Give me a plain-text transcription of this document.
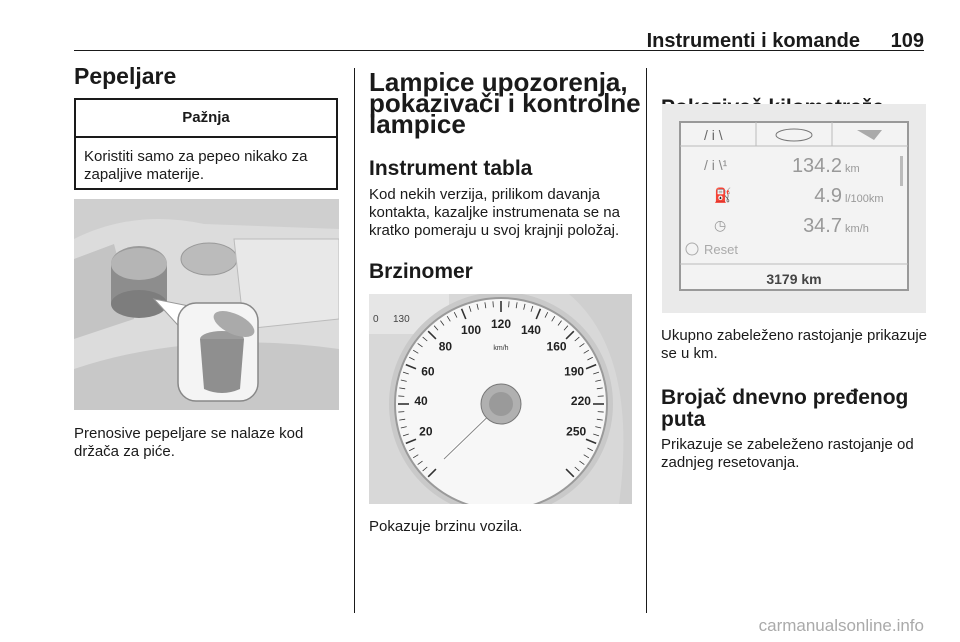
Instrumenti i komande 109
Pepeljare
Pažnja
Koristiti samo za pepeo nikako za zapaljive materije.
Prenosive pepeljare se nalaze kod držača za piće.
Lampice upozorenja, pokazivači i kontrolne lampice
Instrument tabla
Kod nekih verzija, prilikom davanja kontakta, kazaljke instrumenata se na kratko pomeraju u svoj krajnji položaj.
Brzinomer
0 130
20
40
60
80
100 120 140
160
190
220
250
km/h
Pokazuje brzinu vozila.
/ i \
/ i \¹	134.2 km
⛽	4.9 l/100km
◷	34.7 km/h
Reset
3179 km
Ukupno zabeleženo rastojanje prikazuje se u km.
Brojač dnevno pređenog puta
Prikazuje se zabeleženo rastojanje od zadnjeg resetovanja.
carmanualsonline.info
